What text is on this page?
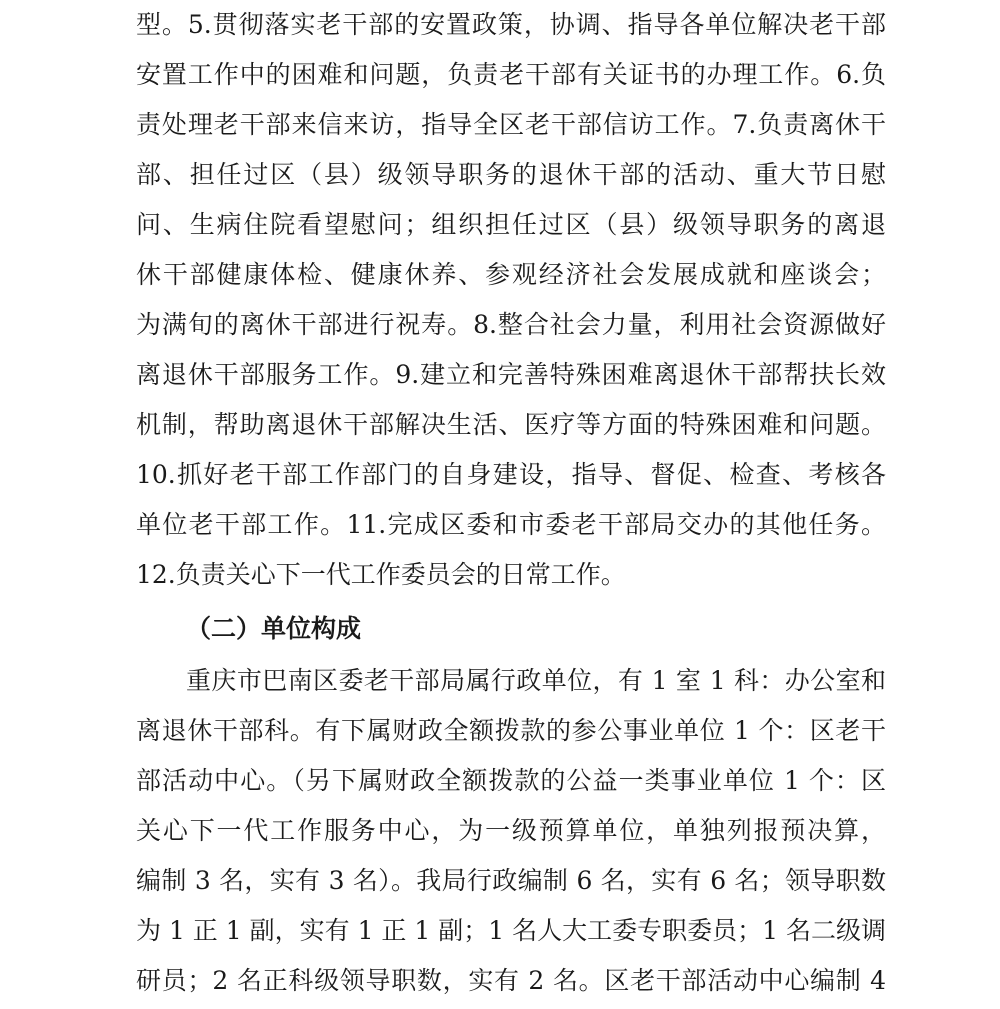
型。5.贯彻落实老干部的安置政策，协调、指导各单位解决老干部
安置工作中的困难和问题，负责老干部有关证书的办理工作。6.负
责处理老干部来信来访，指导全区老干部信访工作。7.负责离休干
部、担任过区（县）级领导职务的退休干部的活动、重大节日慰
问、生病住院看望慰问；组织担任过区（县）级领导职务的离退
休干部健康体检、健康休养、参观经济社会发展成就和座谈会；
为满旬的离休干部进行祝寿。8.整合社会力量，利用社会资源做好
离退休干部服务工作。9.建立和完善特殊困难离退休干部帮扶长效
机制，帮助离退休干部解决生活、医疗等方面的特殊困难和问题。
10.抓好老干部工作部门的自身建设，指导、督促、检查、考核各
单位老干部工作。11.完成区委和市委老干部局交办的其他任务。
12.负责关心下一代工作委员会的日常工作。
（二）单位构成
重庆市巴南区委老干部局属行政单位，有 1 室 1 科：办公室和
离退休干部科。有下属财政全额拨款的参公事业单位 1 个：区老干
部活动中心。（另下属财政全额拨款的公益一类事业单位 1 个：区
关心下一代工作服务中心，为一级预算单位，单独列报预决算，
编制 3 名，实有 3 名）。我局行政编制 6 名，实有 6 名；领导职数
为 1 正 1 副，实有 1 正 1 副；1 名人大工委专职委员；1 名二级调
研员；2 名正科级领导职数，实有 2 名。区老干部活动中心编制 4
